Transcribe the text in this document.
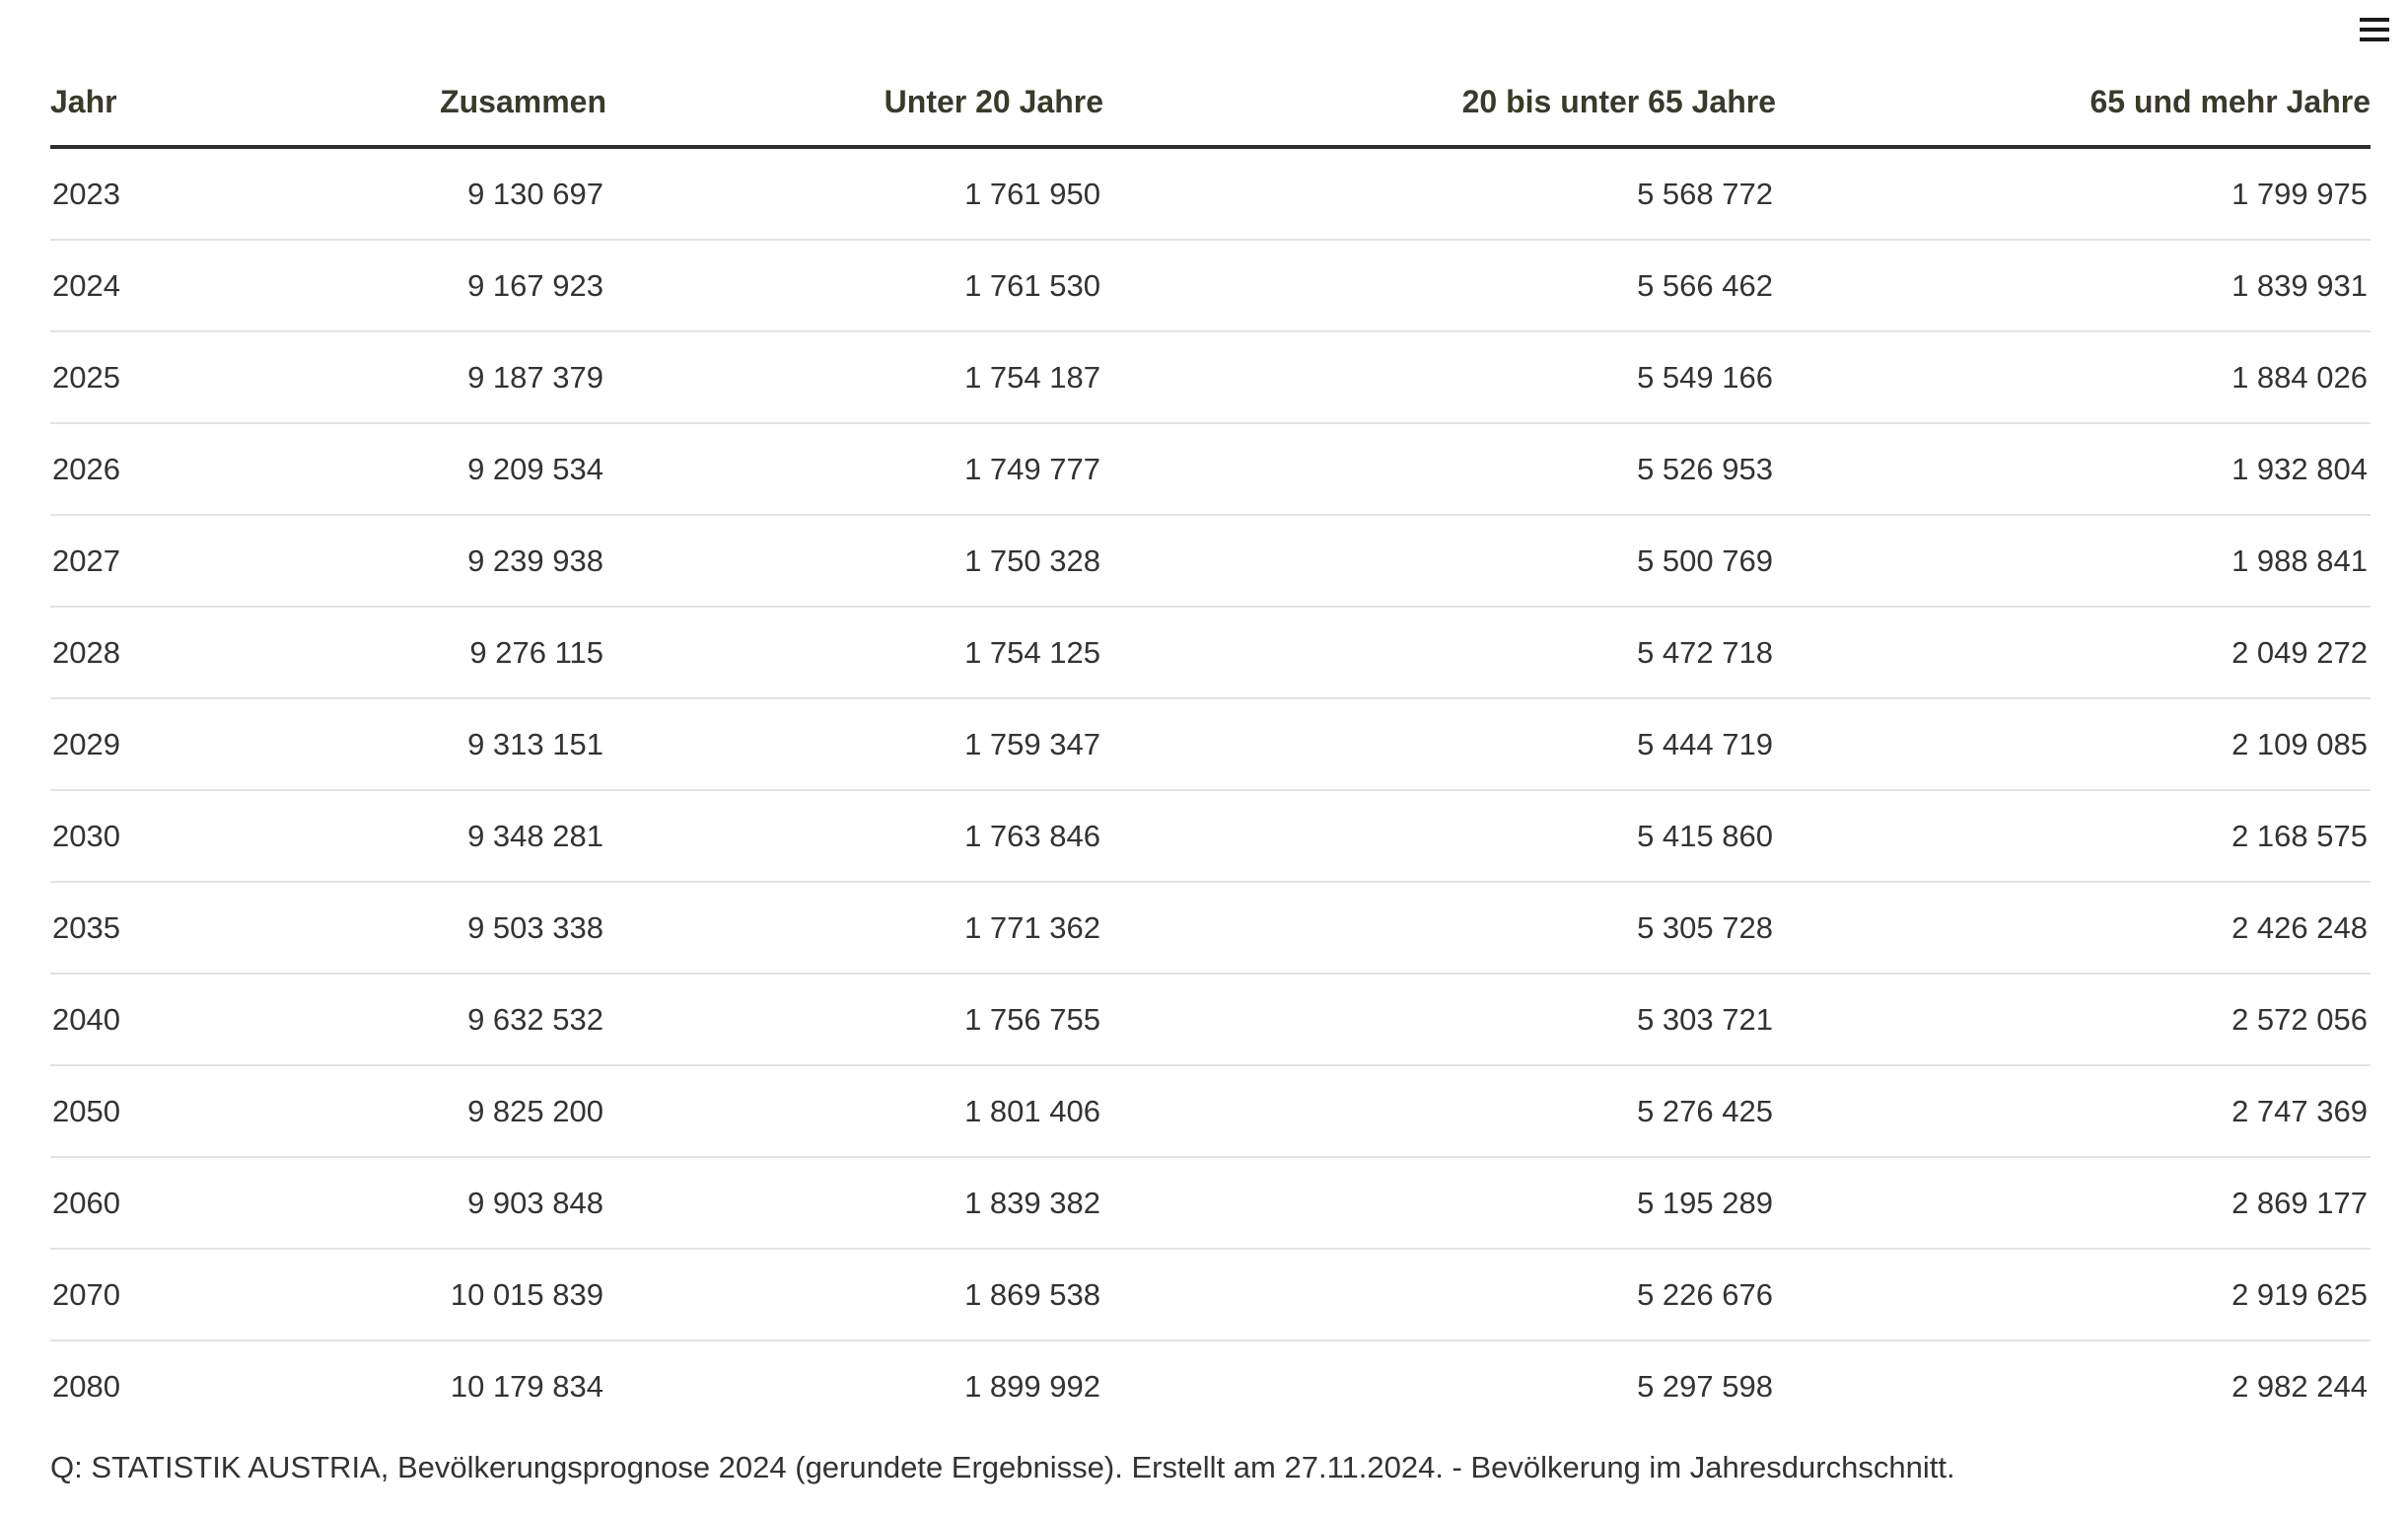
Jahr	Zusammen	Unter 20 Jahre	20 bis unter 65 Jahre	65 und mehr Jahre
2023	9 130 697	1 761 950	5 568 772	1 799 975
2024	9 167 923	1 761 530	5 566 462	1 839 931
2025	9 187 379	1 754 187	5 549 166	1 884 026
2026	9 209 534	1 749 777	5 526 953	1 932 804
2027	9 239 938	1 750 328	5 500 769	1 988 841
2028	9 276 115	1 754 125	5 472 718	2 049 272
2029	9 313 151	1 759 347	5 444 719	2 109 085
2030	9 348 281	1 763 846	5 415 860	2 168 575
2035	9 503 338	1 771 362	5 305 728	2 426 248
2040	9 632 532	1 756 755	5 303 721	2 572 056
2050	9 825 200	1 801 406	5 276 425	2 747 369
2060	9 903 848	1 839 382	5 195 289	2 869 177
2070	10 015 839	1 869 538	5 226 676	2 919 625
2080	10 179 834	1 899 992	5 297 598	2 982 244
Q: STATISTIK AUSTRIA, Bevölkerungsprognose 2024 (gerundete Ergebnisse). Erstellt am 27.11.2024. - Bevölkerung im Jahresdurchschnitt.
